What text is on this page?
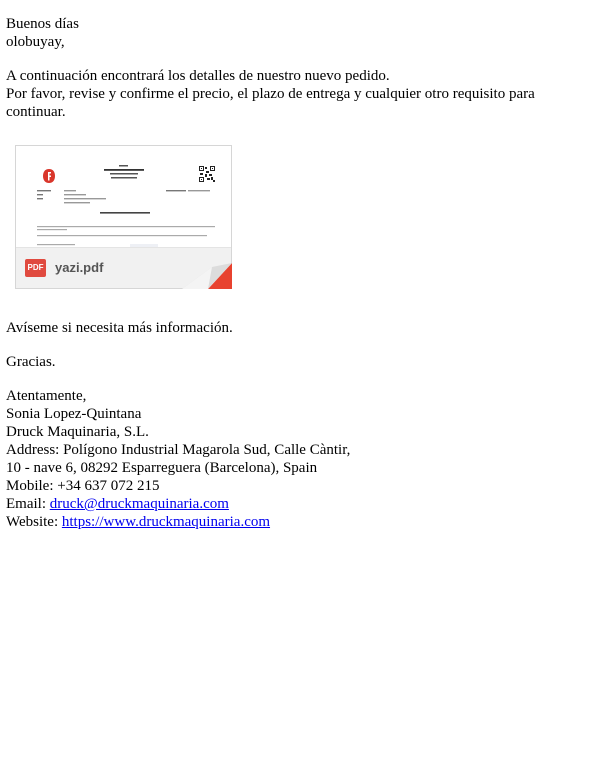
Buenos días
olobuyay,
A continuación encontrará los detalles de nuestro nuevo pedido.
Por favor, revise y confirme el precio, el plazo de entrega y cualquier otro requisito para continuar.
PDF yazi.pdf
Avíseme si necesita más información.
Gracias.
Atentamente,
Sonia Lopez-Quintana
Druck Maquinaria, S.L.
Address: Polígono Industrial Magarola Sud, Calle Càntir,
10 - nave 6, 08292 Esparreguera (Barcelona), Spain
Mobile: +34 637 072 215
Email: druck@druckmaquinaria.com
Website: https://www.druckmaquinaria.com
